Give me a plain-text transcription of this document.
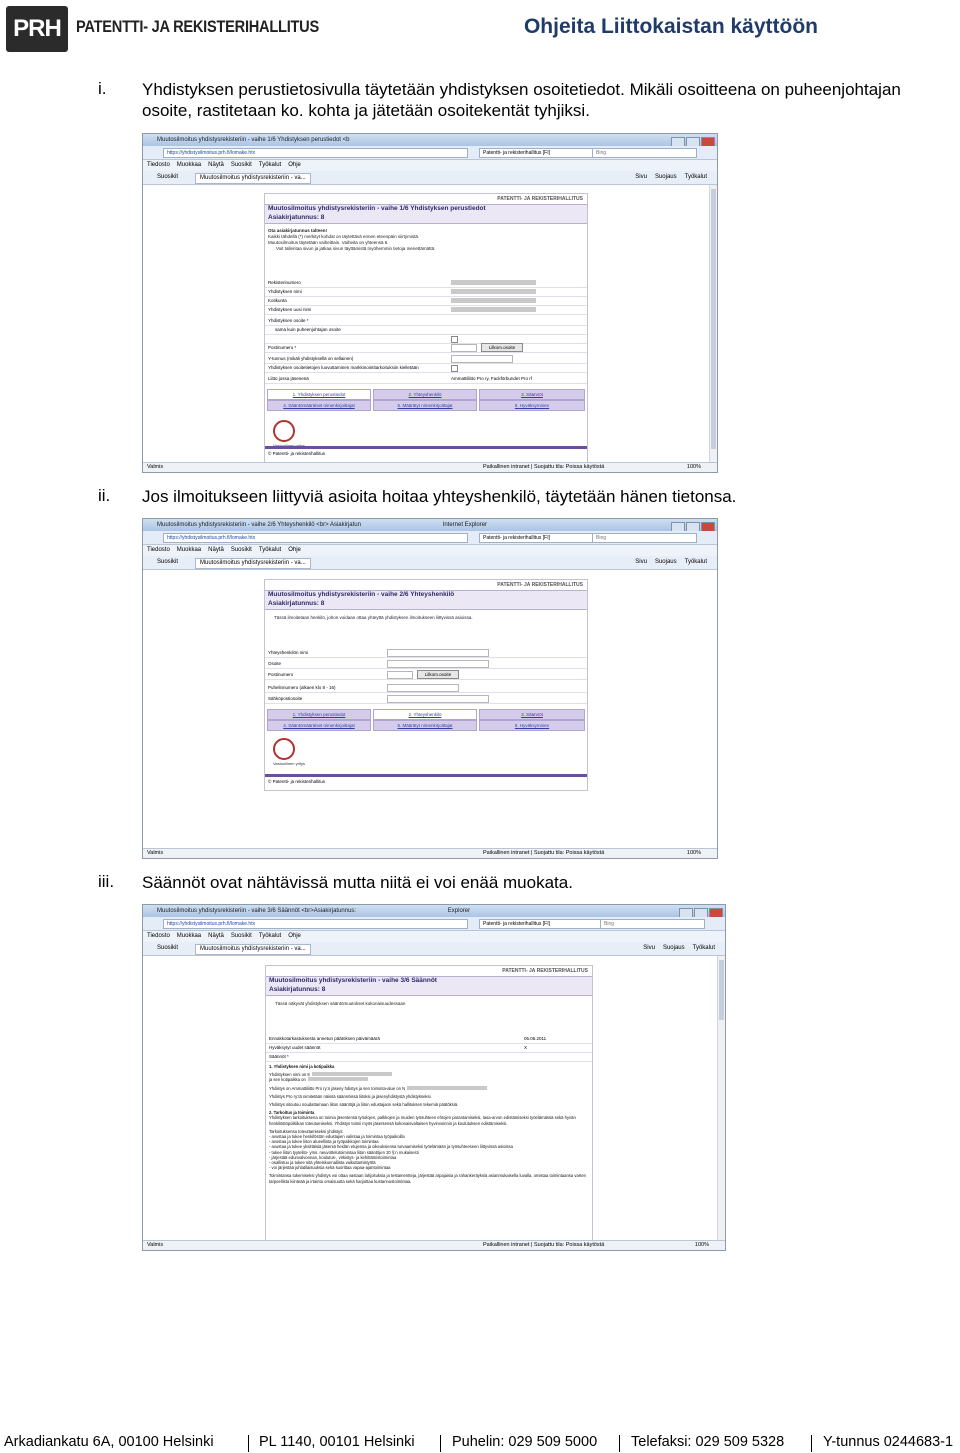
PRH PATENTTI- JA REKISTERIHALLITUS	Ohjeita Liittokaistan käyttöön
i. Yhdistyksen perustietosivulla täytetään yhdistyksen osoitetiedot. Mikäli osoitteena on puheenjohtajan osoite, rastitetaan ko. kohta ja jätetään osoitekentät tyhjiksi.
Muutosilmoitus yhdistysrekisteriin - vaihe 1/6 Yhdistyksen perustiedot <b
https://yhdistysilmoitus.prh.fi/lomake.htx	Patentti- ja rekisterihallitus [FI]	Bing
Tiedosto Muokkaa Näytä Suosikit Työkalut Ohje
Suosikit	Muutosilmoitus yhdistysrekisteriin - va...	Sivu Suojaus Työkalut
PATENTTI- JA REKISTERIHALLITUS
Muutosilmoitus yhdistysrekisteriin - vaihe 1/6 Yhdistyksen perustiedot
Asiakirjatunnus: 8
Ota asiakirjatunnus talteen!
Kaikki tähdellä (*) merkityt kohdat on täytettävä ennen eteenpäin siirtymistä.
Muutosilmoitus täytetään vaiheittain. Vaiheita on yhteensä 6.
Voit tallentaa sivun ja jatkaa sivun täyttämistä myöhemmin tietoja menettämättä.
Rekisterinumero
Yhdistyksen nimi
Kotikunta
Yhdistyksen uusi nimi
Yhdistyksen osoite *
sama kuin puheenjohtajan osoite
Postinumero *	Lilkom.osoite
Y-tunnus (mikäli yhdistyksellä on sellainen)
Yhdistyksen osoitetietojen luovuttaminen markkinointitarkoituksiin kielletään
Liitto jossa jäsenenä	Ammattiliitto Pro ry, Fackförbundet Pro rf
1. Yhdistyksen perustiedot	2. Yhteyshenkilö	3. Säännöt
4. Sääntömääräiset nimenkirjoittajat	5. Määrätyt nimenkirjoittajat	6. Hyväksyminen
Vastuullinen yritys
© Patentti- ja rekisterihallitus
Valmis	Paikallinen intranet | Suojattu tila: Poissa käytöstä	100%
ii. Jos ilmoitukseen liittyviä asioita hoitaa yhteyshenkilö, täytetään hänen tietonsa.
Muutosilmoitus yhdistysrekisteriin - vaihe 2/6 Yhteyshenkilö <br> Asiakirjatun	Internet Explorer
https://yhdistysilmoitus.prh.fi/lomake.htx	Patentti- ja rekisterihallitus [FI]	Bing
Tiedosto Muokkaa Näytä Suosikit Työkalut Ohje
Suosikit	Muutosilmoitus yhdistysrekisteriin - va...	Sivu Suojaus Työkalut
PATENTTI- JA REKISTERIHALLITUS
Muutosilmoitus yhdistysrekisteriin - vaihe 2/6 Yhteyshenkilö
Asiakirjatunnus: 8
Tässä ilmoitetaan henkilö, johon voidaan ottaa yhteyttä yhdistyksen ilmoitukseen liittyvissä asioissa.
Yhteyshenkilön nimi
Osoite
Postinumero	Lilkom.osoite
Puhelinnumero (alkaen klo 8 - 16)
Sähköpostiosoite
1. Yhdistyksen perustiedot	2. Yhteyshenkilö	3. Säännöt
4. Sääntömääräiset nimenkirjoittajat	5. Määrätyt nimenkirjoittajat	6. Hyväksyminen
Vastuullinen yritys
© Patentti- ja rekisterihallitus
Valmis	Paikallinen intranet | Suojattu tila: Poissa käytöstä	100%
iii. Säännöt ovat nähtävissä mutta niitä ei voi enää muokata.
Muutosilmoitus yhdistysrekisteriin - vaihe 3/6 Säännöt <br>Asiakirjatunnus:	Explorer
https://yhdistysilmoitus.prh.fi/lomake.htx	Patentti- ja rekisterihallitus [FI]	Bing
Tiedosto Muokkaa Näytä Suosikit Työkalut Ohje
Suosikit	Muutosilmoitus yhdistysrekisteriin - va...	Sivu Suojaus Työkalut
PATENTTI- JA REKISTERIHALLITUS
Muutosilmoitus yhdistysrekisteriin - vaihe 3/6 Säännöt
Asiakirjatunnus: 8
Tässä näkyvät yhdistyksen sääntömuutokset kokonaisuudessaan
Ennakkotarkastuksesta annetun päätöksen päivämäärä	05.06.2011
Hyväksytyt uudet säännöt	X
Säännöt *

1. Yhdistyksen nimi ja kotipaikka

Yhdistyksen nimi on 8
ja sen kotipaikka on

Yhdistys on Ammattiliitto Pro ry:n jäseny hdistys ja sen toiminta-alue on N

Yhdistys Pro ry:tä nimitetään näissä säännöissä liitoksi ja jäsenyhdistystä yhdistykseksi.

Yhdistys sitoutuu noudattamaan liiton sääntöjä ja liiton edustajaon sekä hallituksen tekemiä päätöksiä.

2. Tarkoitus ja toiminta
Yhdistyksen tarkoituksena on toimia jäsentensä työolojen, palkkojen ja muiden työsuhteen ehtojen parantamiseksi, tasa-arvon edistämiseksi työelämässä sekä hyvän henkilöstöpolitiikan toteutumiseksi. Yhdistys toimii myös jäsentensä kokonaisvaltaisen hyvinvoinnin ja koulutuksen edistämiseksi.

Tarkoituksensa toteuttamiseksi yhdistys:
- avustaa ja tukee henkilöstön edustajien valintaa ja toimintaa työpaikoilla
- avustaa ja tukee liiton alueellista ja työpaikkojen toimintaa
- avustaa ja tukee yksittäisiä jäseniä heidän etujensa ja oikeuksiensa turvaamiseksi työelämään ja työsuhteeseen liittyvissä asioissa
- tukee liiton tyytelito- yms. neuvottelutoimintaa liiton sääntöjen 20 §:n mukaisesti
- järjestää edunvalvonnan, koulutus-, virkistys- ja kehittämistoimintaa
- osallistuu ja tukee sitä yhteiskunnallista vaikuttamistyötä
- voi järjestää juhlatilaisuuksia sekä suorittaa vapaa-ajantoimintaa

Toimintansa tukemiseksi yhdistys voi ottaa vastaan lahjoituksia ja testamentteja, järjestää arpajaisia ja rahankeräyksiä asianmukaisella luvalla, omistaa toimintaansa varten tarpeellista kiinteää ja irtainta omaisuutta sekä harjoittaa kustannustoimintaa.

Valmis	Paikallinen intranet | Suojattu tila: Poissa käytöstä	100%
Arkadiankatu 6A, 00100 Helsinki	PL 1140, 00101 Helsinki	Puhelin: 029 509 5000 Telefaksi: 029 509 5328	Y-tunnus 0244683-1
